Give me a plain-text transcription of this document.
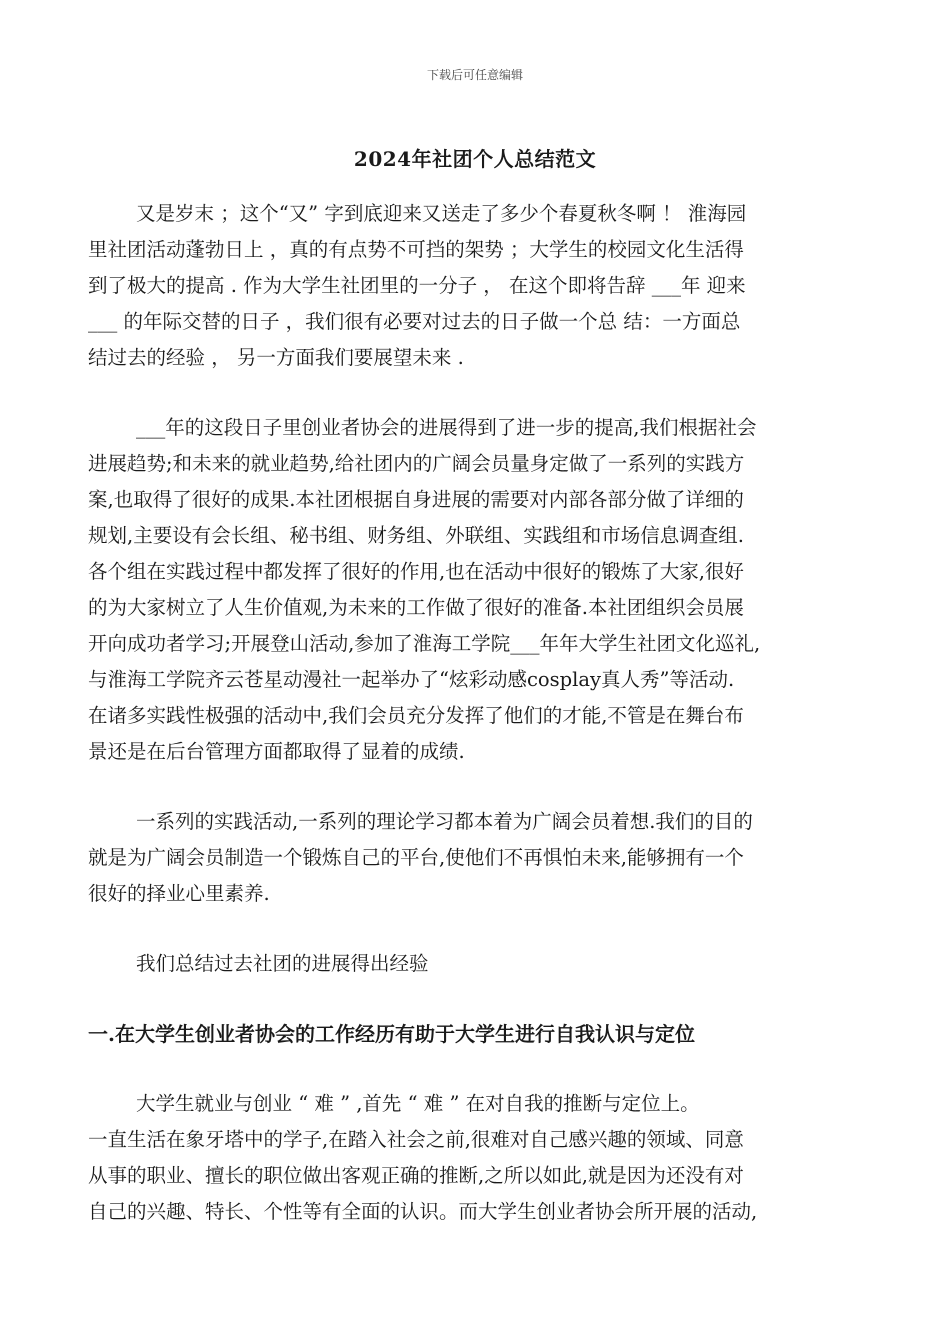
下载后可任意编辑
2024年社团个人总结范文
又是岁末 ；这个“又” 字到底迎来又送走了多少个春夏秋冬啊 ！ 淮海园
里社团活动蓬勃日上 ，真的有点势不可挡的架势 ；大学生的校园文化生活得
到了极大的提高 . 作为大学生社团里的一分子 ， 在这个即将告辞 ___年 迎来
___ 的年际交替的日子 ，我们很有必要对过去的日子做一个总 结：一方面总
结过去的经验 ， 另一方面我们要展望未来 .
___年的这段日子里创业者协会的进展得到了进一步的提高,我们根据社会
进展趋势;和未来的就业趋势,给社团内的广阔会员量身定做了一系列的实践方
案,也取得了很好的成果.本社团根据自身进展的需要对内部各部分做了详细的
规划,主要设有会长组、秘书组、财务组、外联组、实践组和市场信息调查组.
各个组在实践过程中都发挥了很好的作用,也在活动中很好的锻炼了大家,很好
的为大家树立了人生价值观,为未来的工作做了很好的准备.本社团组织会员展
开向成功者学习;开展登山活动,参加了淮海工学院___年年大学生社团文化巡礼,
与淮海工学院齐云苍星动漫社一起举办了“炫彩动感cosplay真人秀”等活动.
在诸多实践性极强的活动中,我们会员充分发挥了他们的才能,不管是在舞台布
景还是在后台管理方面都取得了显着的成绩.
一系列的实践活动,一系列的理论学习都本着为广阔会员着想.我们的目的
就是为广阔会员制造一个锻炼自己的平台,使他们不再惧怕未来,能够拥有一个
很好的择业心里素养.
我们总结过去社团的进展得出经验
一.在大学生创业者协会的工作经历有助于大学生进行自我认识与定位
大学生就业与创业 “ 难 ” ,首先 “ 难 ” 在对自我的推断与定位上。
一直生活在象牙塔中的学子,在踏入社会之前,很难对自己感兴趣的领域、同意
从事的职业、擅长的职位做出客观正确的推断,之所以如此,就是因为还没有对
自己的兴趣、特长、个性等有全面的认识。而大学生创业者协会所开展的活动,
